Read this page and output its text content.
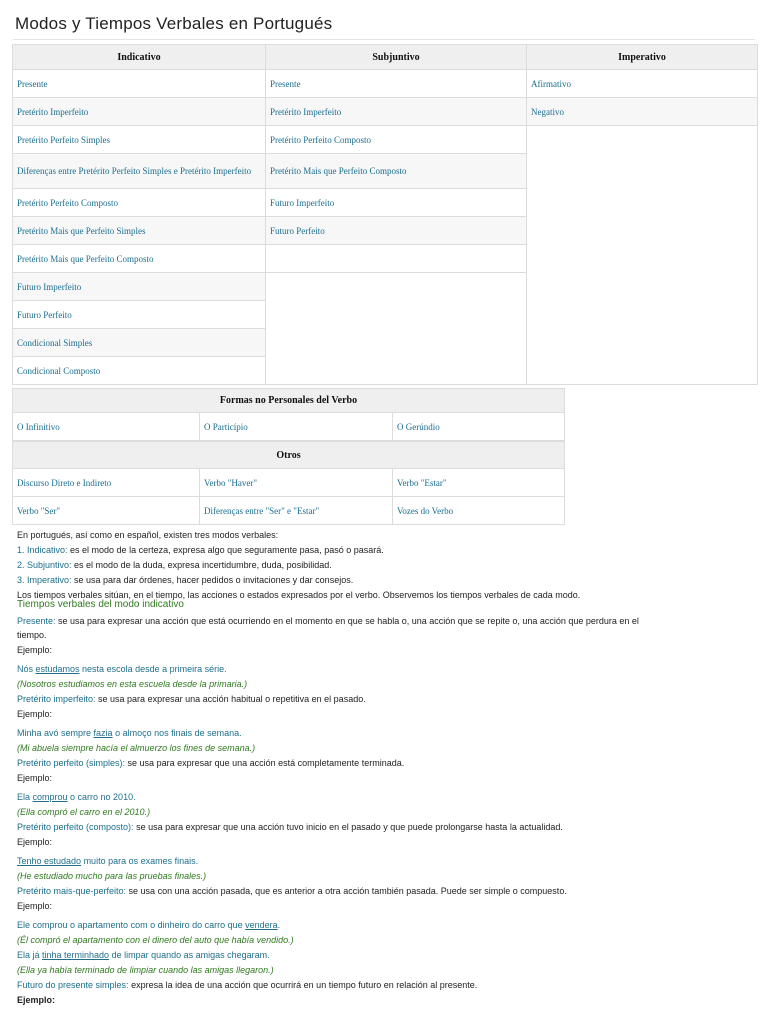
Modos y Tiempos Verbales en Portugués
Indicativo	Subjuntivo	Imperativo
Presente	Presente	Afirmativo
Pretérito Imperfeito	Pretérito Imperfeito	Negativo
Pretérito Perfeito Simples	Pretérito Perfeito Composto	
Diferenças entre Pretérito Perfeito Simples e Pretérito Imperfeito	Pretérito Mais que Perfeito Composto	
Pretérito Perfeito Composto	Futuro Imperfeito	
Pretérito Mais que Perfeito Simples	Futuro Perfeito	
Pretérito Mais que Perfeito Composto		
Futuro Imperfeito		
Futuro Perfeito		
Condicional Simples		
Condicional Composto		
Formas no Personales del Verbo
O Infinitivo	O Particípio	O Gerúndio
Otros		
Discurso Direto e Indireto	Verbo "Haver"	Verbo "Estar"
Verbo "Ser"	Diferenças entre "Ser" e "Estar"	Vozes do Verbo
En portugués, así como en español, existen tres modos verbales:
1. Indicativo: es el modo de la certeza, expresa algo que seguramente pasa, pasó o pasará.
2. Subjuntivo: es el modo de la duda, expresa incertidumbre, duda, posibilidad.
3. Imperativo: se usa para dar órdenes, hacer pedidos o invitaciones y dar consejos.
Los tiempos verbales sitúan, en el tiempo, las acciones o estados expresados por el verbo. Observemos los tiempos verbales de cada modo.
Tiempos verbales del modo indicativo
Presente: se usa para expresar una acción que está ocurriendo en el momento en que se habla o, una acción que se repite o, una acción que perdura en el
tiempo.
Ejemplo:
Nós estudamos nesta escola desde a primeira série.
(Nosotros estudiamos en esta escuela desde la primaria.)
Pretérito imperfeito: se usa para expresar una acción habitual o repetitiva en el pasado.
Ejemplo:
Minha avó sempre fazia o almoço nos finais de semana.
(Mi abuela siempre hacía el almuerzo los fines de semana.)
Pretérito perfeito (simples): se usa para expresar que una acción está completamente terminada.
Ejemplo:
Ela comprou o carro no 2010.
(Ella compró el carro en el 2010.)
Pretérito perfeito (composto): se usa para expresar que una acción tuvo inicio en el pasado y que puede prolongarse hasta la actualidad.
Ejemplo:
Tenho estudado muito para os exames finais.
(He estudiado mucho para las pruebas finales.)
Pretérito mais-que-perfeito: se usa con una acción pasada, que es anterior a otra acción también pasada. Puede ser simple o compuesto.
Ejemplo:
Ele comprou o apartamento com o dinheiro do carro que vendera.
(Él compró el apartamento con el dinero del auto que había vendido.)
Ela já tinha terminhado de limpar quando as amigas chegaram.
(Ella ya había terminado de limpiar cuando las amigas llegaron.)
Futuro do presente simples: expresa la idea de una acción que ocurrirá en un tiempo futuro en relación al presente.
Ejemplo:
